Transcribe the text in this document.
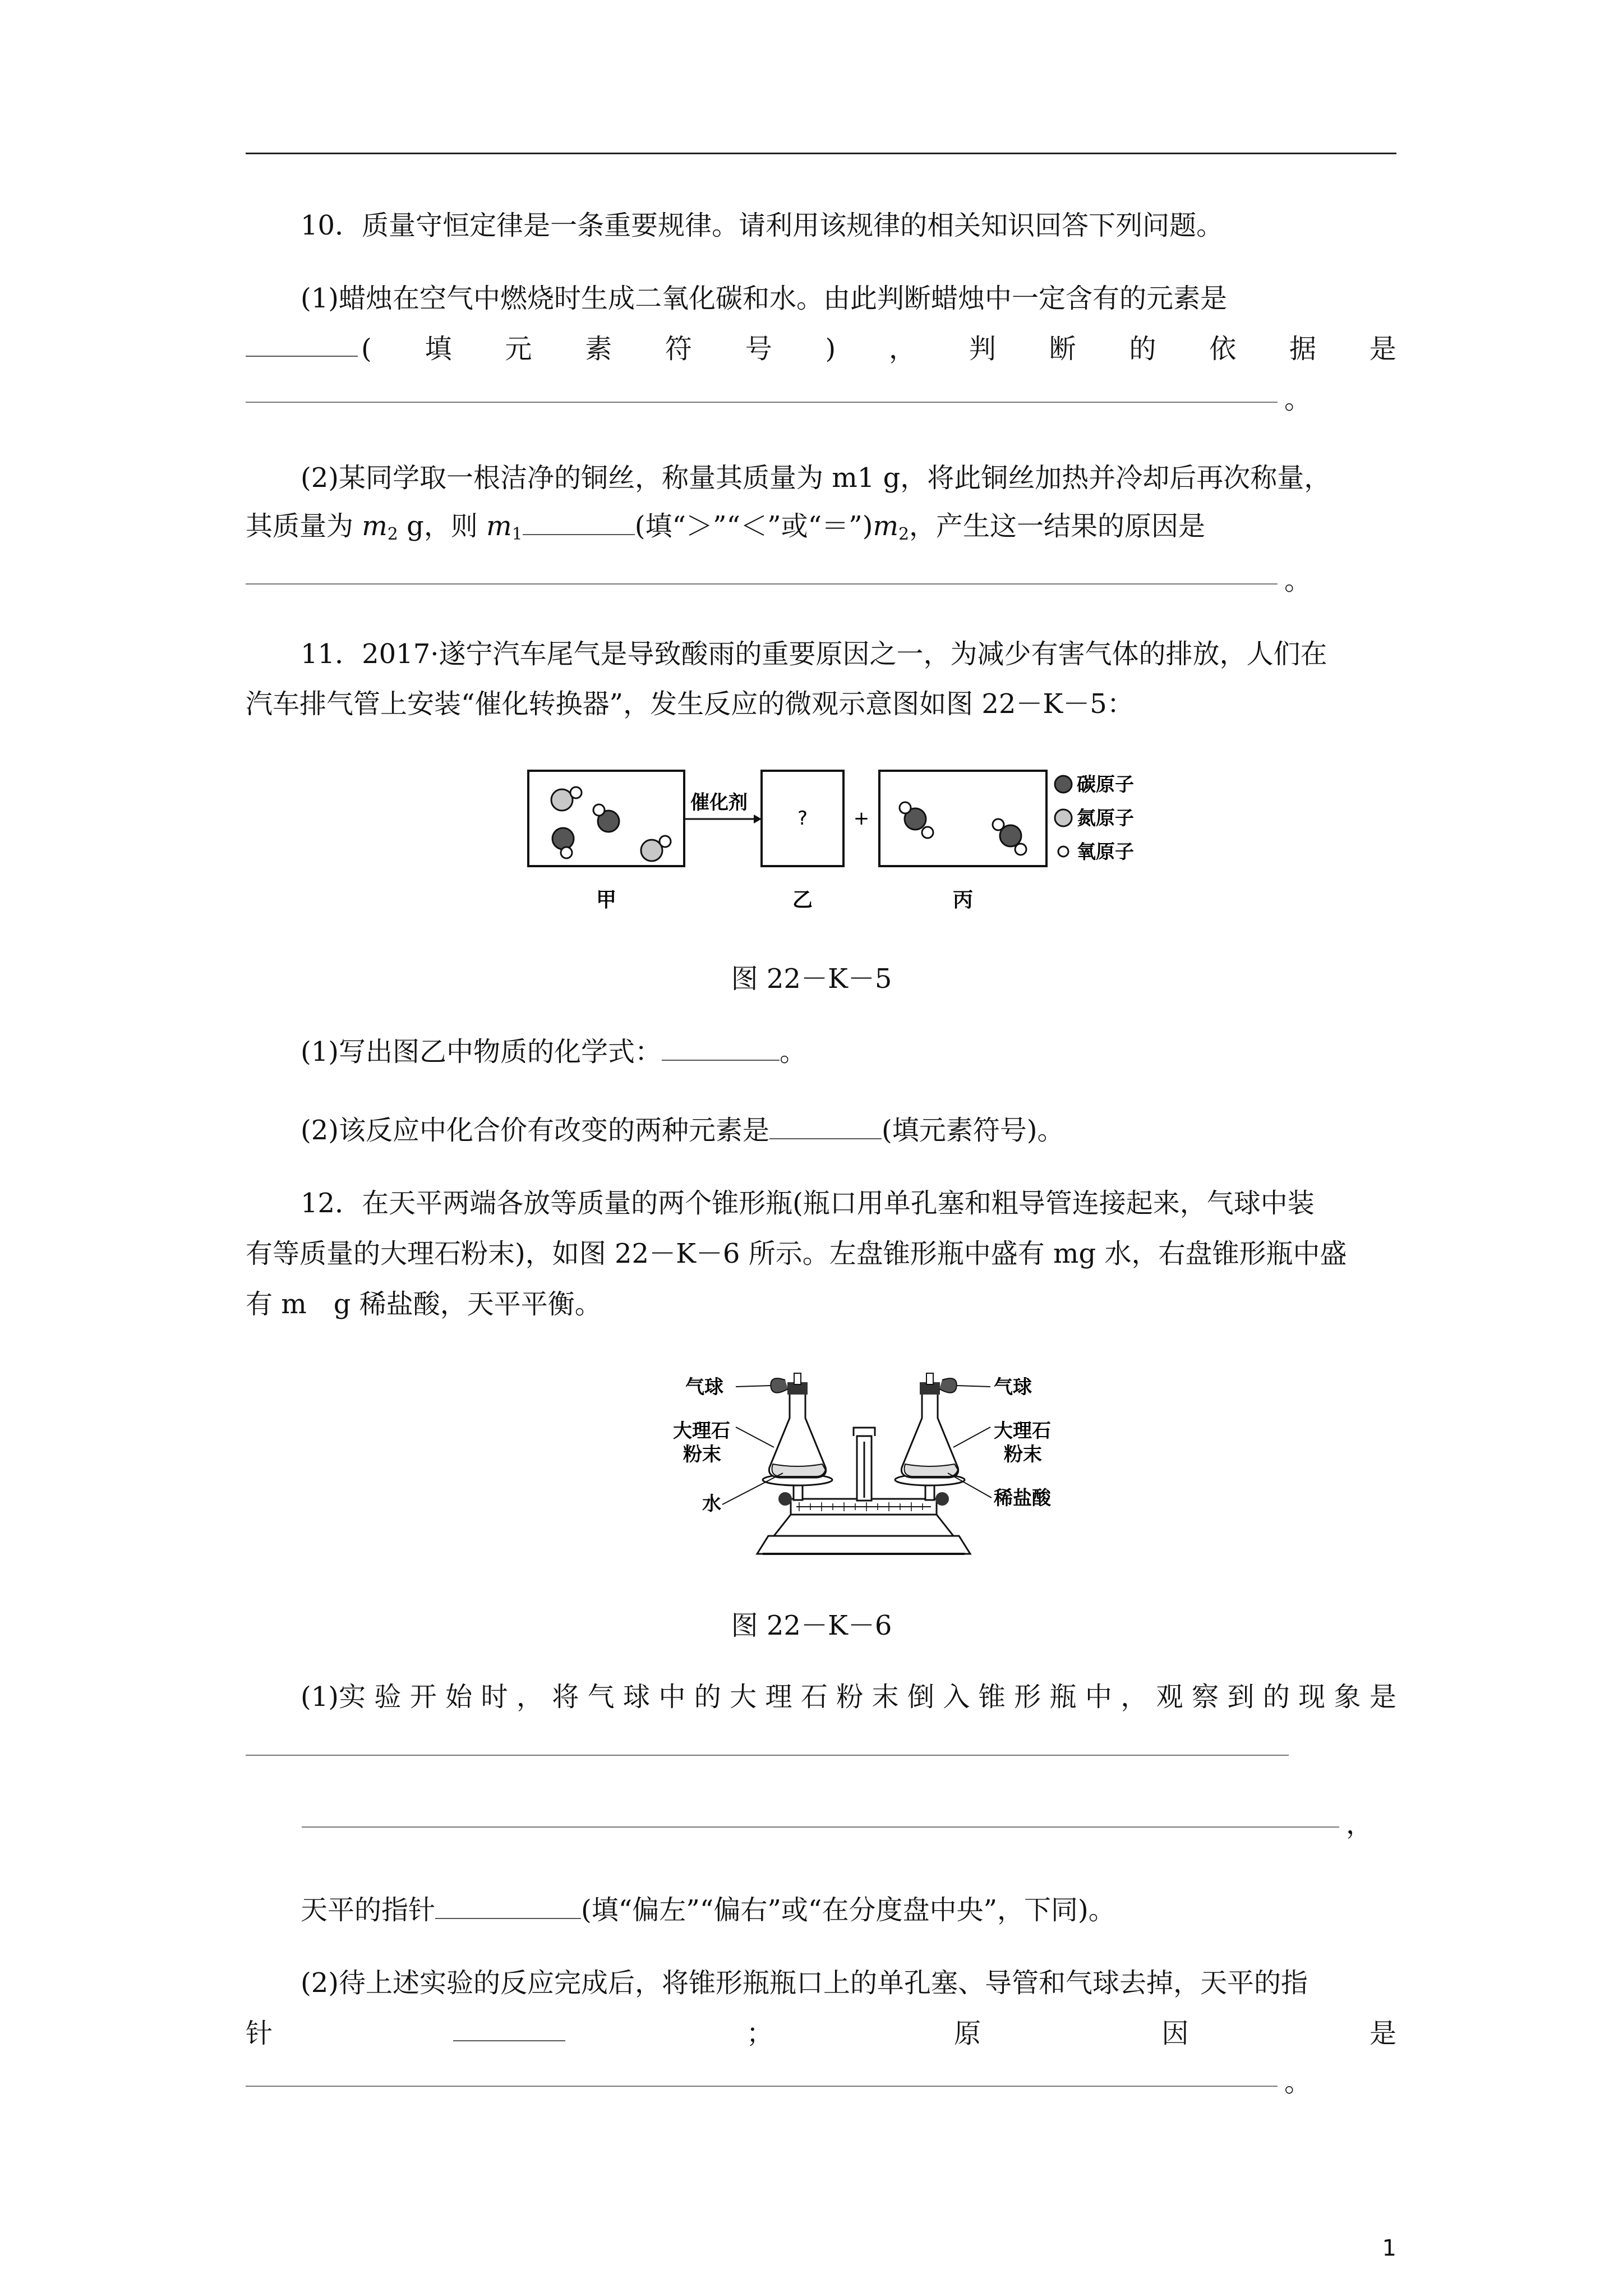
10．质量守恒定律是一条重要规律。请利用该规律的相关知识回答下列问题。
(1)蜡烛在空气中燃烧时生成二氧化碳和水。由此判断蜡烛中一定含有的元素是
( 填 元 素 符 号 ) ， 判 断 的 依 据 是
。
(2)某同学取一根洁净的铜丝，称量其质量为 m1 g，将此铜丝加热并冷却后再次称量，
其质量为 $m_2$ g，则 $m_1$	(填“＞”“＜”或“$=”)m_2$，产生这一结果的原因是
。
11．2017·遂宁汽车尾气是导致酸雨的重要原因之一，为减少有害气体的排放，人们在
汽车排气管上安装“催化转换器”，发生反应的微观示意图如图 22－K－5：
催化剂
? +
甲	乙	丙
碳原子
氮原子
氧原子
图 22－K－5
(1)写出图乙中物质的化学式：	。
(2)该反应中化合价有改变的两种元素是	(填元素符号)。
12．在天平两端各放等质量的两个锥形瓶(瓶口用单孔塞和粗导管连接起来，气球中装
有等质量的大理石粉末)，如图 22－K－6 所示。左盘锥形瓶中盛有 mg 水，右盘锥形瓶中盛
有 m　g 稀盐酸，天平平衡。
气球
大理石
粉末
水
气球
大理石
粉末
稀盐酸
图 22－K－6
(1)实 验 开 始 时 ， 将 气 球 中 的 大 理 石 粉 末 倒 入 锥 形 瓶 中 ， 观 察 到 的 现 象 是
，
天平的指针	(填“偏左”“偏右”或“在分度盘中央”，下同)。
(2)待上述实验的反应完成后，将锥形瓶瓶口上的单孔塞、导管和气球去掉，天平的指
针	；	原	因	是
。
1
